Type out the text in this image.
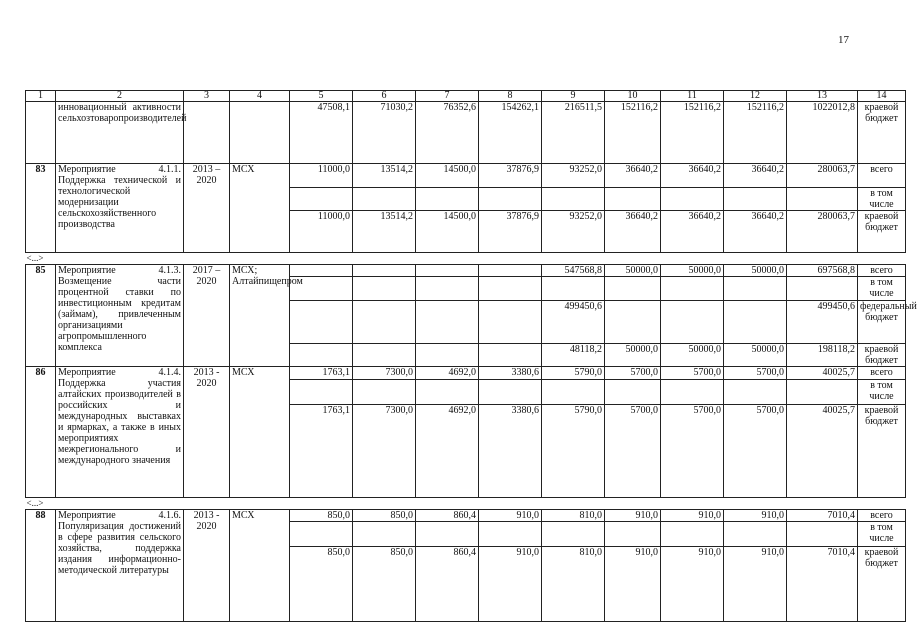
17
1	2	3	4	5	6	7	8	9	10	11	12	13	14
	инновационный активности сельхозтоваропроизводителей			47508,1	71030,2	76352,6	154262,1	216511,5	152116,2	152116,2	152116,2	1022012,8	краевой бюджет
83	Мероприятие 4.1.1. Поддержка технической и технологической модернизации сельскохозяйственного производства	2013 – 2020	МСХ	11000,0	13514,2	14500,0	37876,9	93252,0	36640,2	36640,2	36640,2	280063,7	всего
													в том числе
				11000,0	13514,2	14500,0	37876,9	93252,0	36640,2	36640,2	36640,2	280063,7	краевой бюджет
<...>													
85	Мероприятие 4.1.3. Возмещение части процентной ставки по инвестиционным кредитам (займам), привлеченным организациями агропромышленного комплекса	2017 – 2020	МСХ; Алтайпищепром					547568,8	50000,0	50000,0	50000,0	697568,8	всего
													в том числе
								499450,6				499450,6	федеральный бюджет
								48118,2	50000,0	50000,0	50000,0	198118,2	краевой бюджет
86	Мероприятие 4.1.4. Поддержка участия алтайских производителей в российских и международных выставках и ярмарках, а также в иных мероприятиях межрегионального и международного значения	2013 - 2020	МСХ	1763,1	7300,0	4692,0	3380,6	5790,0	5700,0	5700,0	5700,0	40025,7	всего
													в том числе
				1763,1	7300,0	4692,0	3380,6	5790,0	5700,0	5700,0	5700,0	40025,7	краевой бюджет
<...>													
88	Мероприятие 4.1.6. Популяризация достижений в сфере развития сельского хозяйства, поддержка издания информационно-методической литературы	2013 - 2020	МСХ	850,0	850,0	860,4	910,0	810,0	910,0	910,0	910,0	7010,4	всего
													в том числе
				850,0	850,0	860,4	910,0	810,0	910,0	910,0	910,0	7010,4	краевой бюджет
